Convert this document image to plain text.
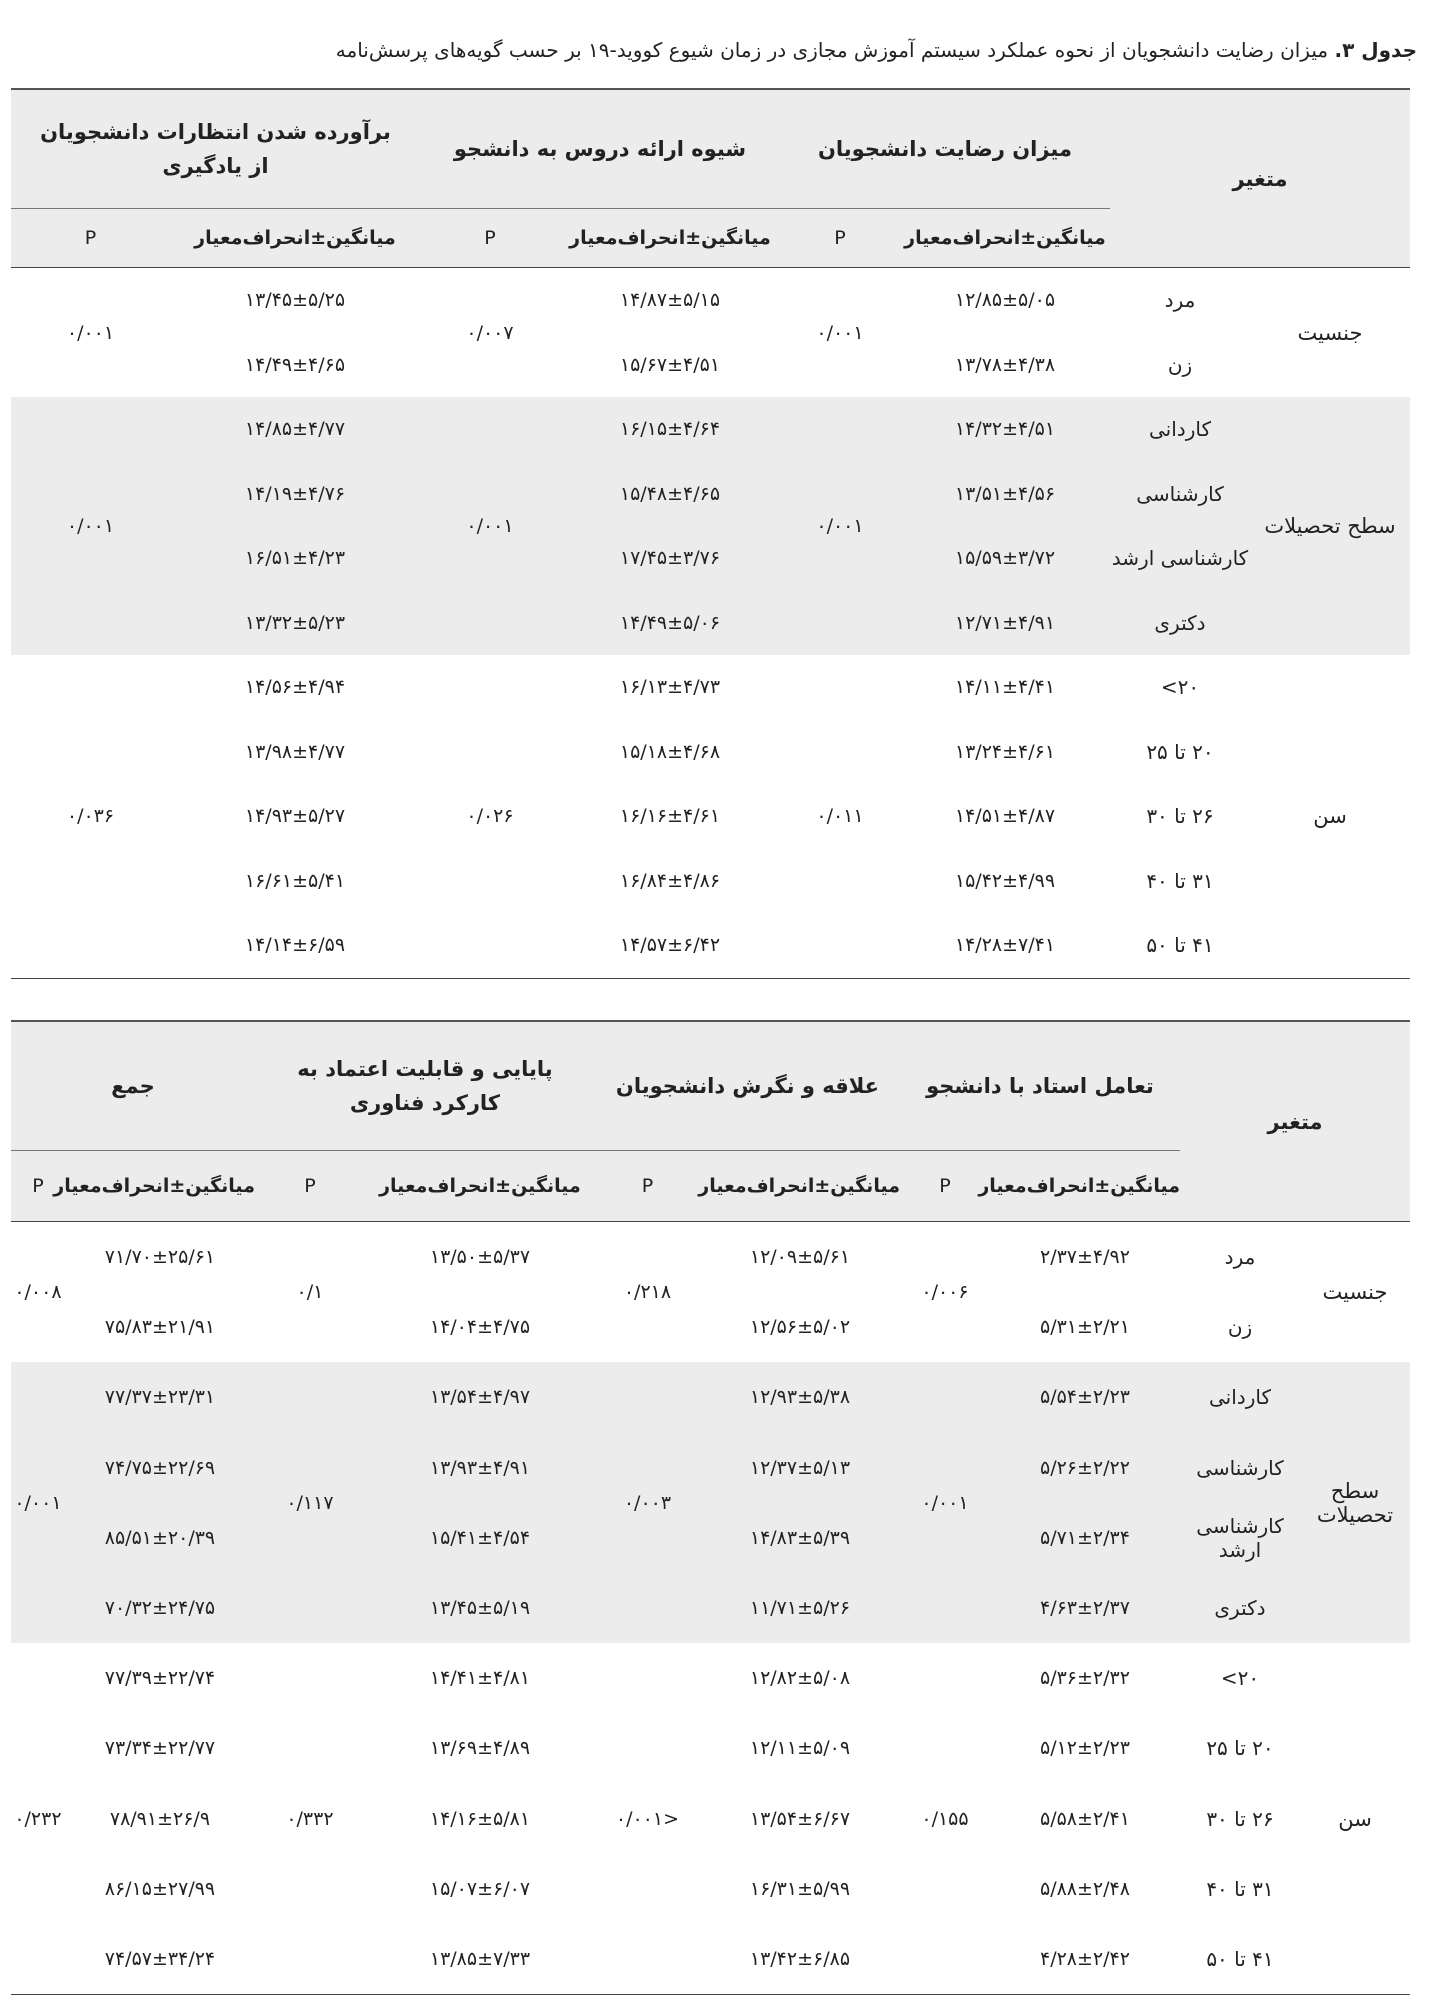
جدول ۳. میزان رضایت دانشجویان از نحوه عملکرد سیستم آموزش مجازی در زمان شیوع کووید-۱۹ بر حسب گویه‌های پرسش‌نامه
متغیر		میزان رضایت دانشجویان		شیوه ارائه دروس به دانشجو		برآورده شدن انتظارات دانشجویان از یادگیری	
		میانگین±انحراف‌معیار	P	میانگین±انحراف‌معیار	P	میانگین±انحراف‌معیار	P
جنسیت	مرد	۱۲/۸۵±۵/۰۵	۰/۰۰۱	۱۴/۸۷±۵/۱۵	۰/۰۰۷	۱۳/۴۵±۵/۲۵	۰/۰۰۱
	زن	۱۳/۷۸±۴/۳۸		۱۵/۶۷±۴/۵۱		۱۴/۴۹±۴/۶۵	
سطح تحصیلات	کاردانی	۱۴/۳۲±۴/۵۱	۰/۰۰۱	۱۶/۱۵±۴/۶۴	۰/۰۰۱	۱۴/۸۵±۴/۷۷	۰/۰۰۱
	کارشناسی	۱۳/۵۱±۴/۵۶		۱۵/۴۸±۴/۶۵		۱۴/۱۹±۴/۷۶	
	کارشناسی ارشد	۱۵/۵۹±۳/۷۲		۱۷/۴۵±۳/۷۶		۱۶/۵۱±۴/۲۳	
	دکتری	۱۲/۷۱±۴/۹۱		۱۴/۴۹±۵/۰۶		۱۳/۳۲±۵/۲۳	
سن	۲۰>	۱۴/۱۱±۴/۴۱	۰/۰۱۱	۱۶/۱۳±۴/۷۳	۰/۰۲۶	۱۴/۵۶±۴/۹۴	۰/۰۳۶
	۲۰ تا ۲۵	۱۳/۲۴±۴/۶۱		۱۵/۱۸±۴/۶۸		۱۳/۹۸±۴/۷۷	
	۲۶ تا ۳۰	۱۴/۵۱±۴/۸۷		۱۶/۱۶±۴/۶۱		۱۴/۹۳±۵/۲۷	
	۳۱ تا ۴۰	۱۵/۴۲±۴/۹۹		۱۶/۸۴±۴/۸۶		۱۶/۶۱±۵/۴۱	
	۴۱ تا ۵۰	۱۴/۲۸±۷/۴۱		۱۴/۵۷±۶/۴۲		۱۴/۱۴±۶/۵۹	
متغیر		تعامل استاد با دانشجو		علاقه و نگرش دانشجویان		پایایی و قابلیت اعتماد به کارکرد فناوری		جمع	
		میانگین±انحراف‌معیار	P	میانگین±انحراف‌معیار	P	میانگین±انحراف‌معیار	P	میانگین±انحراف‌معیار	P
جنسیت	مرد	۲/۳۷±۴/۹۲	۰/۰۰۶	۱۲/۰۹±۵/۶۱	۰/۲۱۸	۱۳/۵۰±۵/۳۷	۰/۱	۷۱/۷۰±۲۵/۶۱	۰/۰۰۸
	زن	۵/۳۱±۲/۲۱		۱۲/۵۶±۵/۰۲		۱۴/۰۴±۴/۷۵		۷۵/۸۳±۲۱/۹۱	
سطح تحصیلات	کاردانی	۵/۵۴±۲/۲۳	۰/۰۰۱	۱۲/۹۳±۵/۳۸	۰/۰۰۳	۱۳/۵۴±۴/۹۷	۰/۱۱۷	۷۷/۳۷±۲۳/۳۱	۰/۰۰۱
	کارشناسی	۵/۲۶±۲/۲۲		۱۲/۳۷±۵/۱۳		۱۳/۹۳±۴/۹۱		۷۴/۷۵±۲۲/۶۹	
	کارشناسی ارشد	۵/۷۱±۲/۳۴		۱۴/۸۳±۵/۳۹		۱۵/۴۱±۴/۵۴		۸۵/۵۱±۲۰/۳۹	
	دکتری	۴/۶۳±۲/۳۷		۱۱/۷۱±۵/۲۶		۱۳/۴۵±۵/۱۹		۷۰/۳۲±۲۴/۷۵	
سن	۲۰>	۵/۳۶±۲/۳۲	۰/۱۵۵	۱۲/۸۲±۵/۰۸	<۰/۰۰۱	۱۴/۴۱±۴/۸۱	۰/۳۳۲	۷۷/۳۹±۲۲/۷۴	۰/۲۳۲
	۲۰ تا ۲۵	۵/۱۲±۲/۲۳		۱۲/۱۱±۵/۰۹		۱۳/۶۹±۴/۸۹		۷۳/۳۴±۲۲/۷۷	
	۲۶ تا ۳۰	۵/۵۸±۲/۴۱		۱۳/۵۴±۶/۶۷		۱۴/۱۶±۵/۸۱		۷۸/۹۱±۲۶/۹	
	۳۱ تا ۴۰	۵/۸۸±۲/۴۸		۱۶/۳۱±۵/۹۹		۱۵/۰۷±۶/۰۷		۸۶/۱۵±۲۷/۹۹	
	۴۱ تا ۵۰	۴/۲۸±۲/۴۲		۱۳/۴۲±۶/۸۵		۱۳/۸۵±۷/۳۳		۷۴/۵۷±۳۴/۲۴	
